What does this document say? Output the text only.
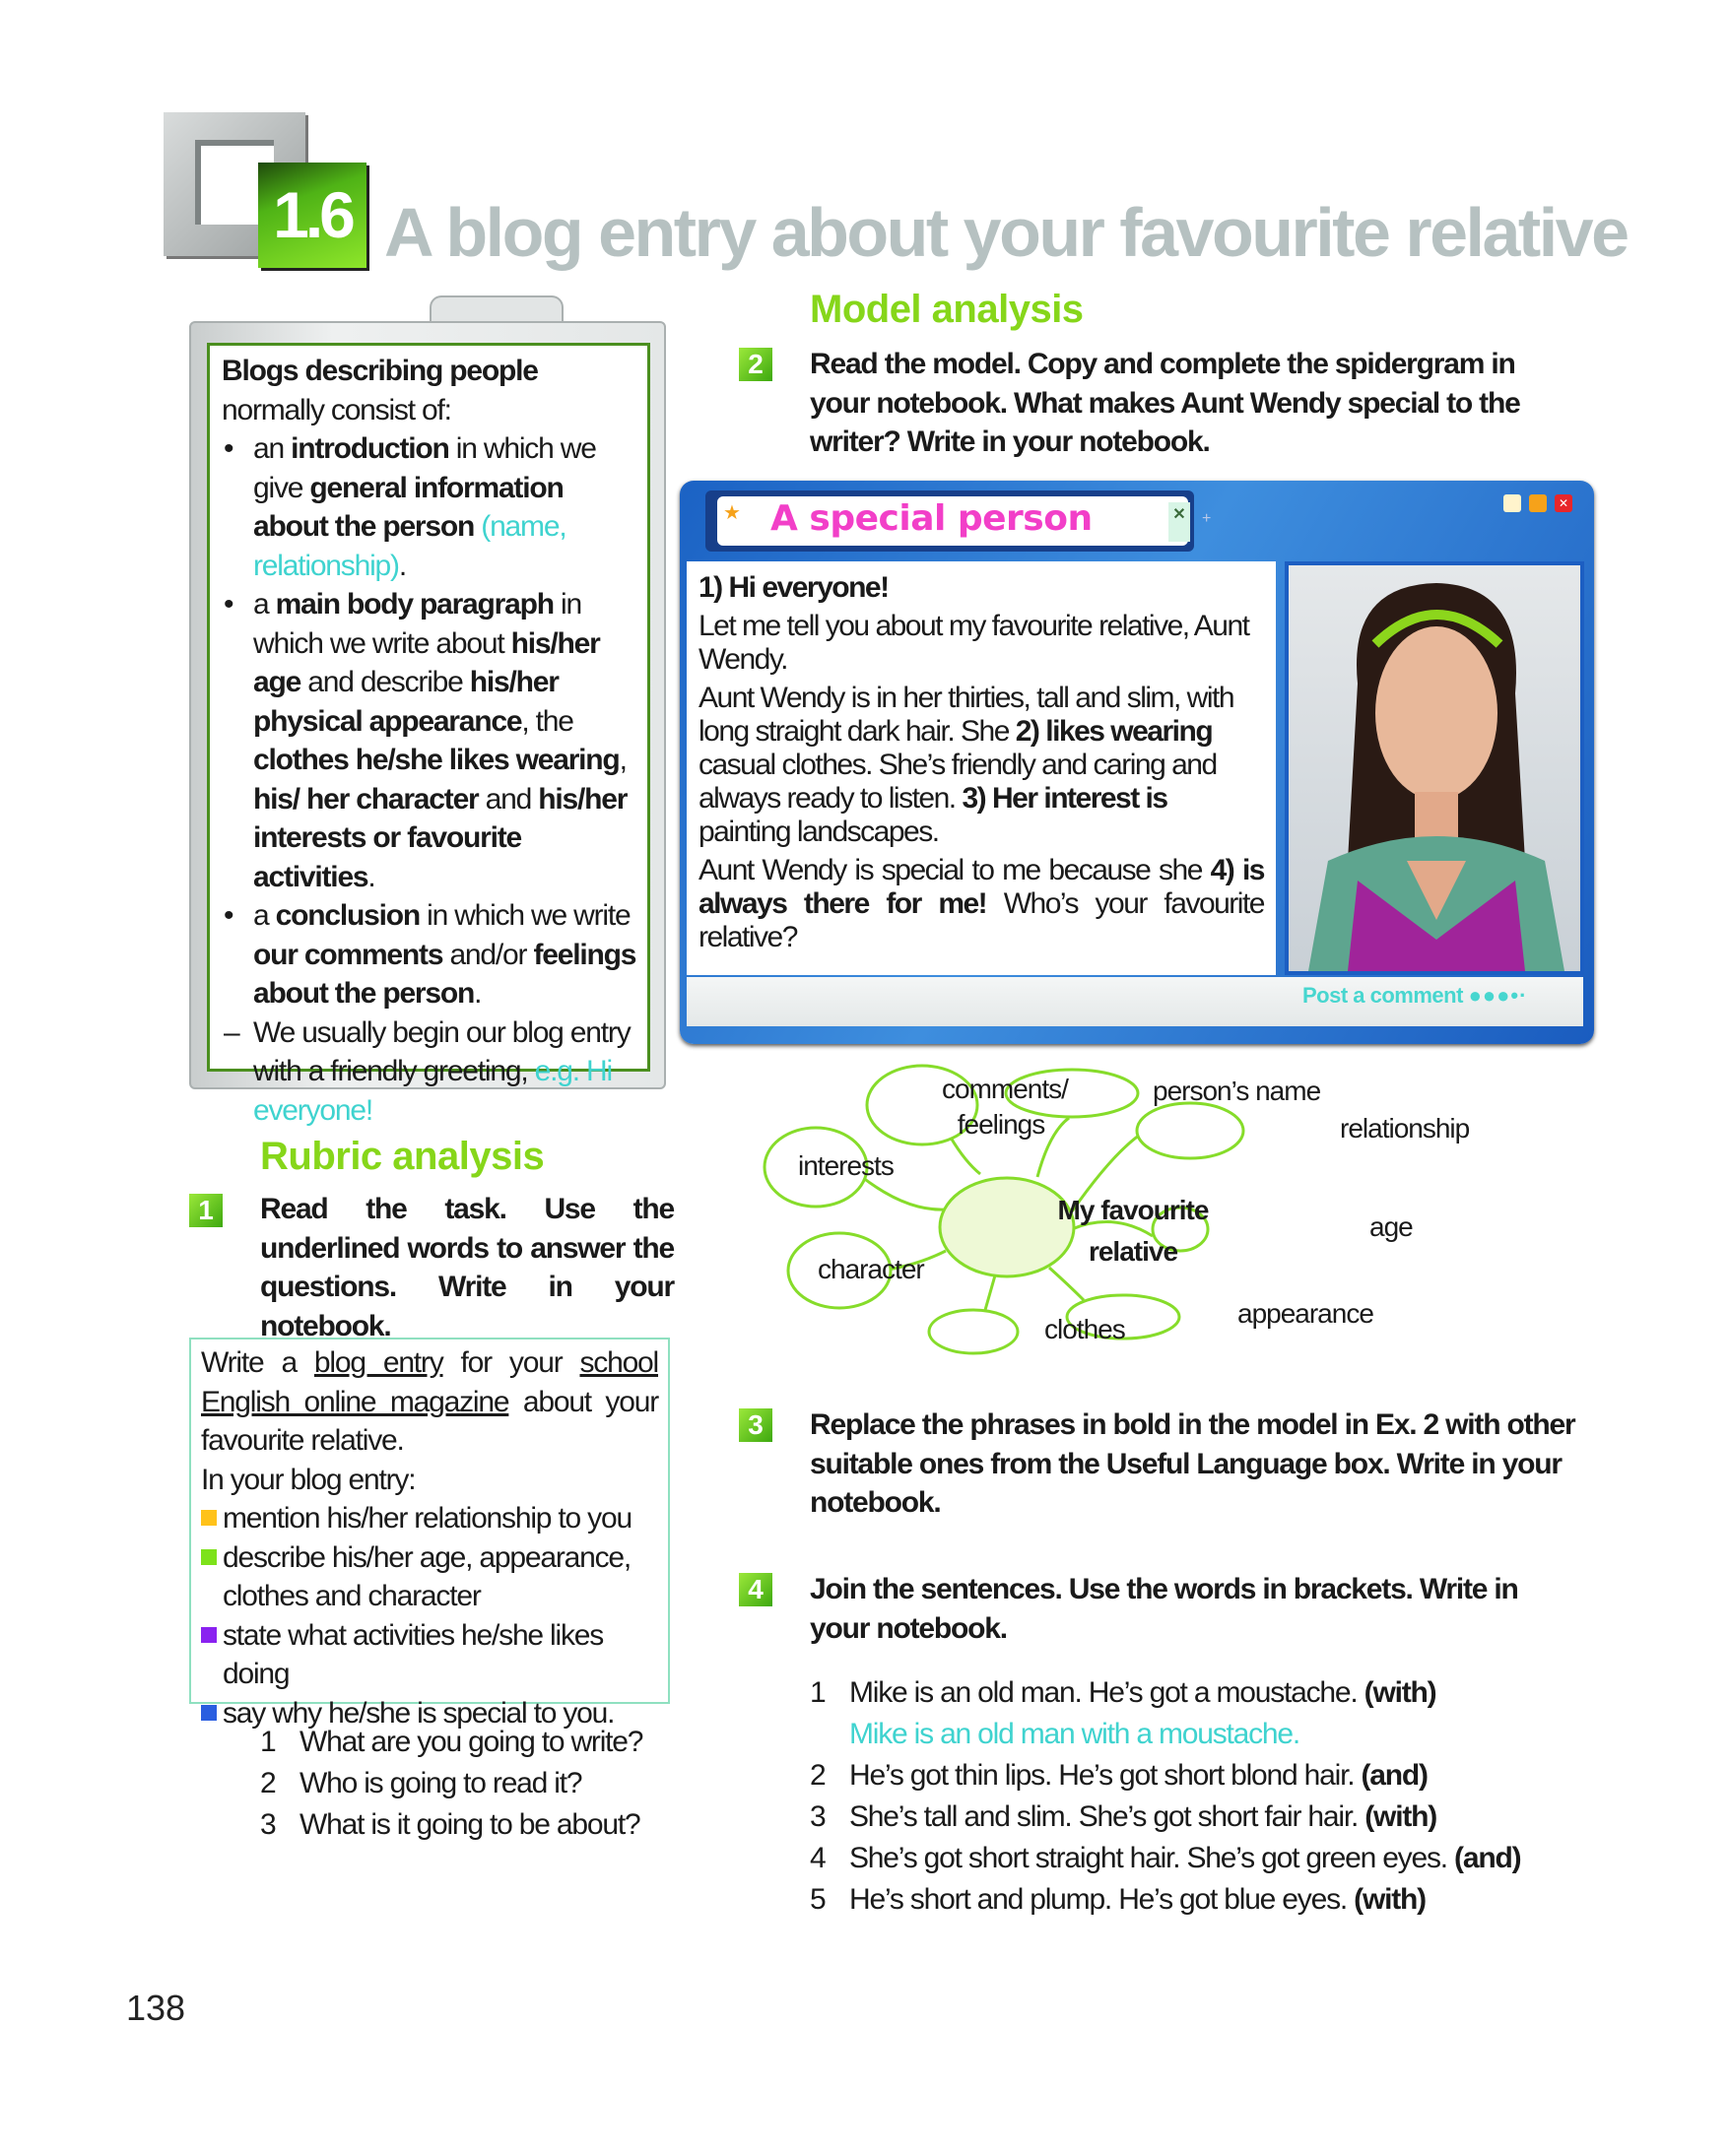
1.6 A blog entry about your favourite relative
Blogs describing people normally consist of:
• an introduction in which we give general information about the person (name, relationship).
• a main body paragraph in which we write about his/her age and describe his/her physical appearance, the clothes he/she likes wearing, his/ her character and his/her interests or favourite activities.
• a conclusion in which we write our comments and/or feelings about the person.
– We usually begin our blog entry with a friendly greeting, e.g. Hi everyone!
Model analysis
2	Read the model. Copy and complete the spidergram in your notebook. What makes Aunt Wendy special to the writer? Write in your notebook.
★ A special person	✕ +
✕

1) Hi everyone!

Let me tell you about my favourite relative, Aunt Wendy.

Aunt Wendy is in her thirties, tall and slim, with long straight dark hair. She 2) likes wearing casual clothes. She’s friendly and caring and always ready to listen. 3) Her interest is painting landscapes.

Aunt Wendy is special to me because she 4) is always there for me! Who’s your favourite relative?

Post a comment ●●●•·
comments/
feelings
person’s name
relationship
interests
age
character
appearance
clothes
My favourite
relative
Rubric analysis
1	Read the task. Use the underlined words to answer the questions. Write in your notebook.
Write a blog entry for your school English online magazine about your favourite relative.
In your blog entry:
mention his/her relationship to you
describe his/her age, appearance, clothes and character
state what activities he/she likes doing
say why he/she is special to you.
1 What are you going to write?
2 Who is going to read it?
3 What is it going to be about?
3	Replace the phrases in bold in the model in Ex. 2 with other suitable ones from the Useful Language box. Write in your notebook.
4	Join the sentences. Use the words in brackets. Write in your notebook.
1 Mike is an old man. He’s got a moustache. (with)
Mike is an old man with a moustache.
2 He’s got thin lips. He’s got short blond hair. (and)
3 She’s tall and slim. She’s got short fair hair. (with)
4 She’s got short straight hair. She’s got green eyes. (and)
5 He’s short and plump. He’s got blue eyes. (with)
138
